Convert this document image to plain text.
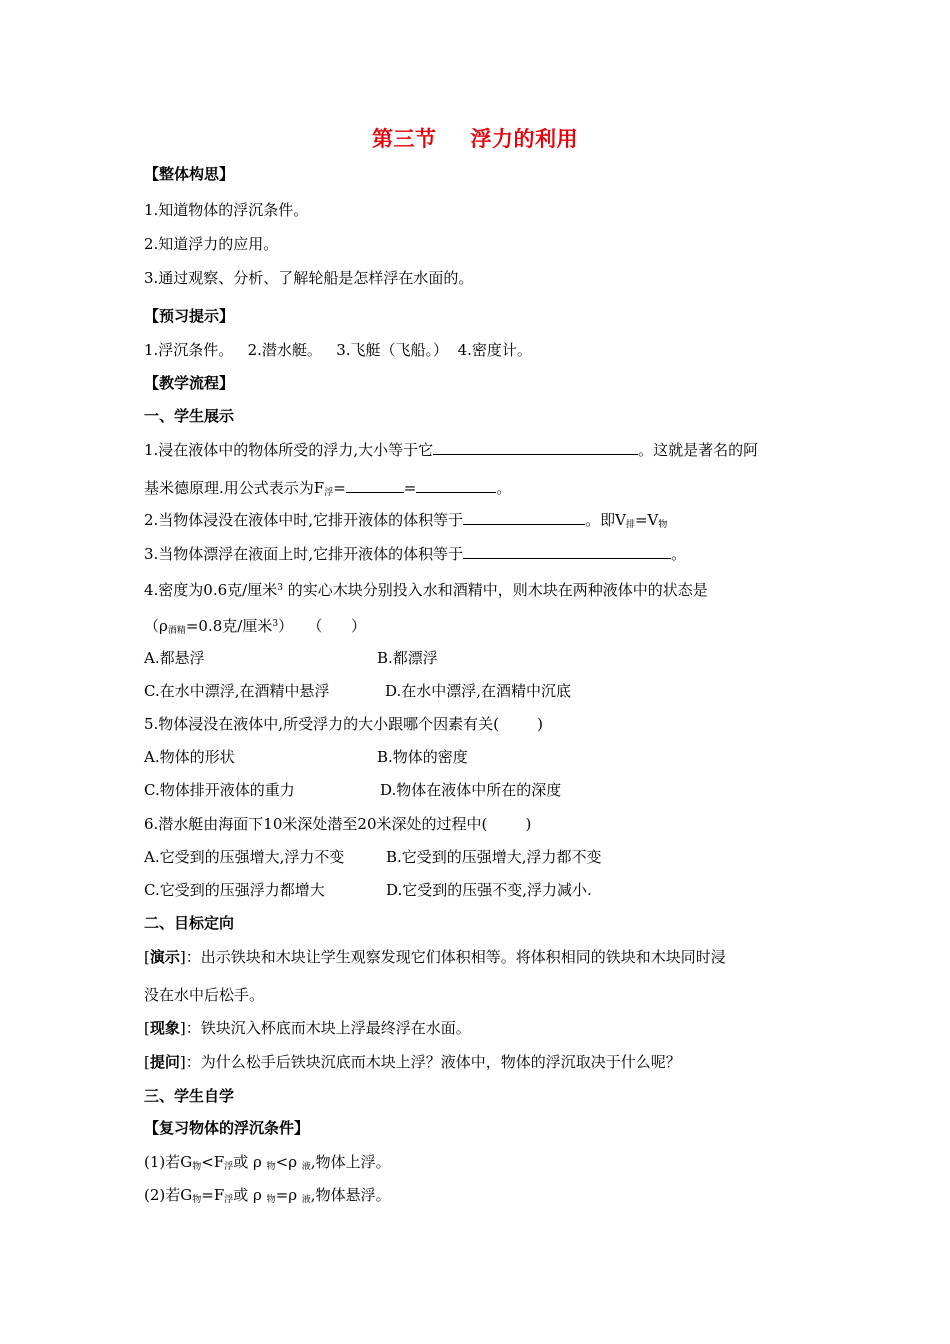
第三节 浮力的利用
【整体构思】
1.知道物体的浮沉条件。
2.知道浮力的应用。
3.通过观察、分析、了解轮船是怎样浮在水面的。
【预习提示】
1.浮沉条件。   2.潜水艇。   3.飞艇（飞船。）  4.密度计。
【教学流程】
一、学生展示
1.浸在液体中的物体所受的浮力,大小等于它	。这就是著名的阿
基米德原理.用公式表示为$F_浮=$	=	。
2.当物体浸没在液体中时,它排开液体的体积等于	。即$V_排=V_物$
3.当物体漂浮在液面上时,它排开液体的体积等于	。
4.密度为0.6克/厘米$^3$ 的实心木块分别投入水和酒精中，则木块在两种液体中的状态是
（$\rho_{酒精}=0.8$克/厘米$^3$）   （      ）
A.都悬浮	B.都漂浮
C.在水中漂浮,在酒精中悬浮	D.在水中漂浮,在酒精中沉底
5.物体浸没在液体中,所受浮力的大小跟哪个因素有关(        )
A.物体的形状	B.物体的密度
C.物体排开液体的重力	D.物体在液体中所在的深度
6.潜水艇由海面下10米深处潜至20米深处的过程中(        )
A.它受到的压强增大,浮力不变	B.它受到的压强增大,浮力都不变
C.它受到的压强浮力都增大	D.它受到的压强不变,浮力减小.
二、目标定向
[演示]：出示铁块和木块让学生观察发现它们体积相等。将体积相同的铁块和木块同时浸
没在水中后松手。
[现象]：铁块沉入杯底而木块上浮最终浮在水面。
[提问]：为什么松手后铁块沉底而木块上浮？液体中，物体的浮沉取决于什么呢？
三、学生自学
【复习物体的浮沉条件】
(1)若$G_物<F_浮$或 ρ $_物$<ρ $_液$,物体上浮。
(2)若$G_物=F_浮$或 ρ $_物$=ρ $_液$,物体悬浮。
